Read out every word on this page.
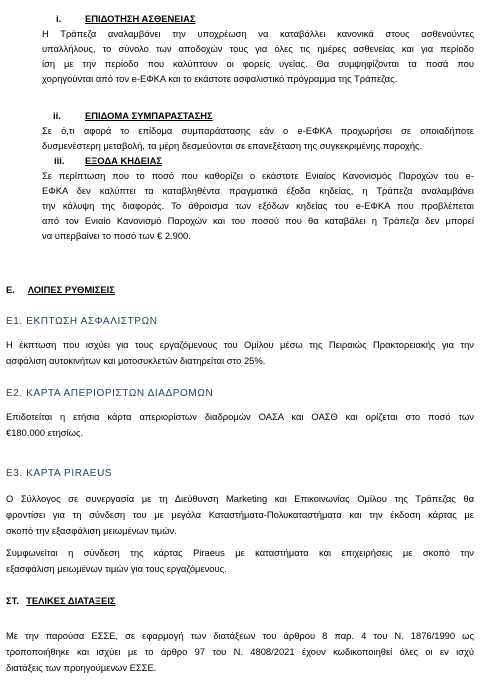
i.	ΕΠΙΔΟΤΗΣΗ ΑΣΘΕΝΕΙΑΣ
Η Τράπεζα αναλαμβάνει την υποχρέωση να καταβάλλει κανονικά στους ασθενούντες
υπαλλήλους, το σύνολο των αποδοχών τους για όλες τις ημέρες ασθενείας και για περίοδο
ίση με την περίοδο που καλύπτουν οι φορείς υγείας. Θα συμψηφίζονται τα ποσά που
χορηγούνται από τον e-ΕΦΚΑ και το εκάστοτε ασφαλιστικό πρόγραμμα της Τράπεζας.
ii.	ΕΠΙΔΟΜΑ ΣΥΜΠΑΡΑΣΤΑΣΗΣ
Σε ό,τι αφορά το επίδομα συμπαράστασης εάν ο e-ΕΦΚΑ προχωρήσει σε οποιαδήποτε
δυσμενέστερη μεταβολή, τα μέρη δεσμεύονται σε επανεξέταση της συγκεκριμένης παροχής.
iii. ΕΞΟΔΑ ΚΗΔΕΙΑΣ
Σε περίπτωση που το ποσό που καθορίζει ο εκάστοτε Ενιαίος Κανονισμός Παροχών του e-
ΕΦΚΑ δεν καλύπτει τα καταβληθέντα πραγματικά έξοδα κηδείας, η Τράπεζα αναλαμβάνει
την κάλυψη της διαφοράς. Το άθροισμα των εξόδων κηδείας του e-ΕΦΚΑ που προβλέπεται
από τον Ενιαίο Κανονισμό Παροχών και του ποσού που θα καταβάλει η Τράπεζα δεν μπορεί
να υπερβαίνει το ποσό των € 2.900.
Ε. ΛΟΙΠΕΣ ΡΥΘΜΙΣΕΙΣ
Ε1. ΕΚΠΤΩΣΗ ΑΣΦΑΛΙΣΤΡΩΝ
Η έκπτωση που ισχύει για τους εργαζόμενους του Ομίλου μέσω της Πειραιώς Πρακτορειακής για την
ασφάλιση αυτοκινήτων και μοτοσυκλετών διατηρείται στο 25%.
Ε2. ΚΑΡΤΑ ΑΠΕΡΙΟΡΙΣΤΩΝ ΔΙΑΔΡΟΜΩΝ
Επιδοτείται η ετήσια κάρτα απεριορίστων διαδρομών ΟΑΣΑ και ΟΑΣΘ και ορίζεται στο ποσό των
€180.000 ετησίως.
Ε3. ΚΑΡΤΑ PIRAEUS
Ο Σύλλογος σε συνεργασία με τη Διεύθυνση Marketing και Επικοινωνίας Ομίλου της Τράπεζας θα
φροντίσει για τη σύνδεση του με μεγάλα Καταστήματα-Πολυκαταστήματα και την έκδοση κάρτας με
σκοπό την εξασφάλιση μειωμένων τιμών.
Συμφωνείται η σύνδεση της κάρτας Piraeus με καταστήματα και επιχειρήσεις με σκοπό την
εξασφάλιση μειωμένων τιμών για τους εργαζόμενους.
ΣΤ. ΤΕΛΙΚΕΣ ΔΙΑΤΑΞΕΙΣ
Με την παρούσα ΕΣΣΕ, σε εφαρμογή των διατάξεων του άρθρου 8 παρ. 4 του Ν. 1876/1990 ως
τροποποιήθηκε και ισχύει με το άρθρο 97 του Ν. 4808/2021 έχουν κωδικοποιηθεί όλες οι εν ισχύ
διατάξεις των προηγούμενων ΕΣΣΕ.
